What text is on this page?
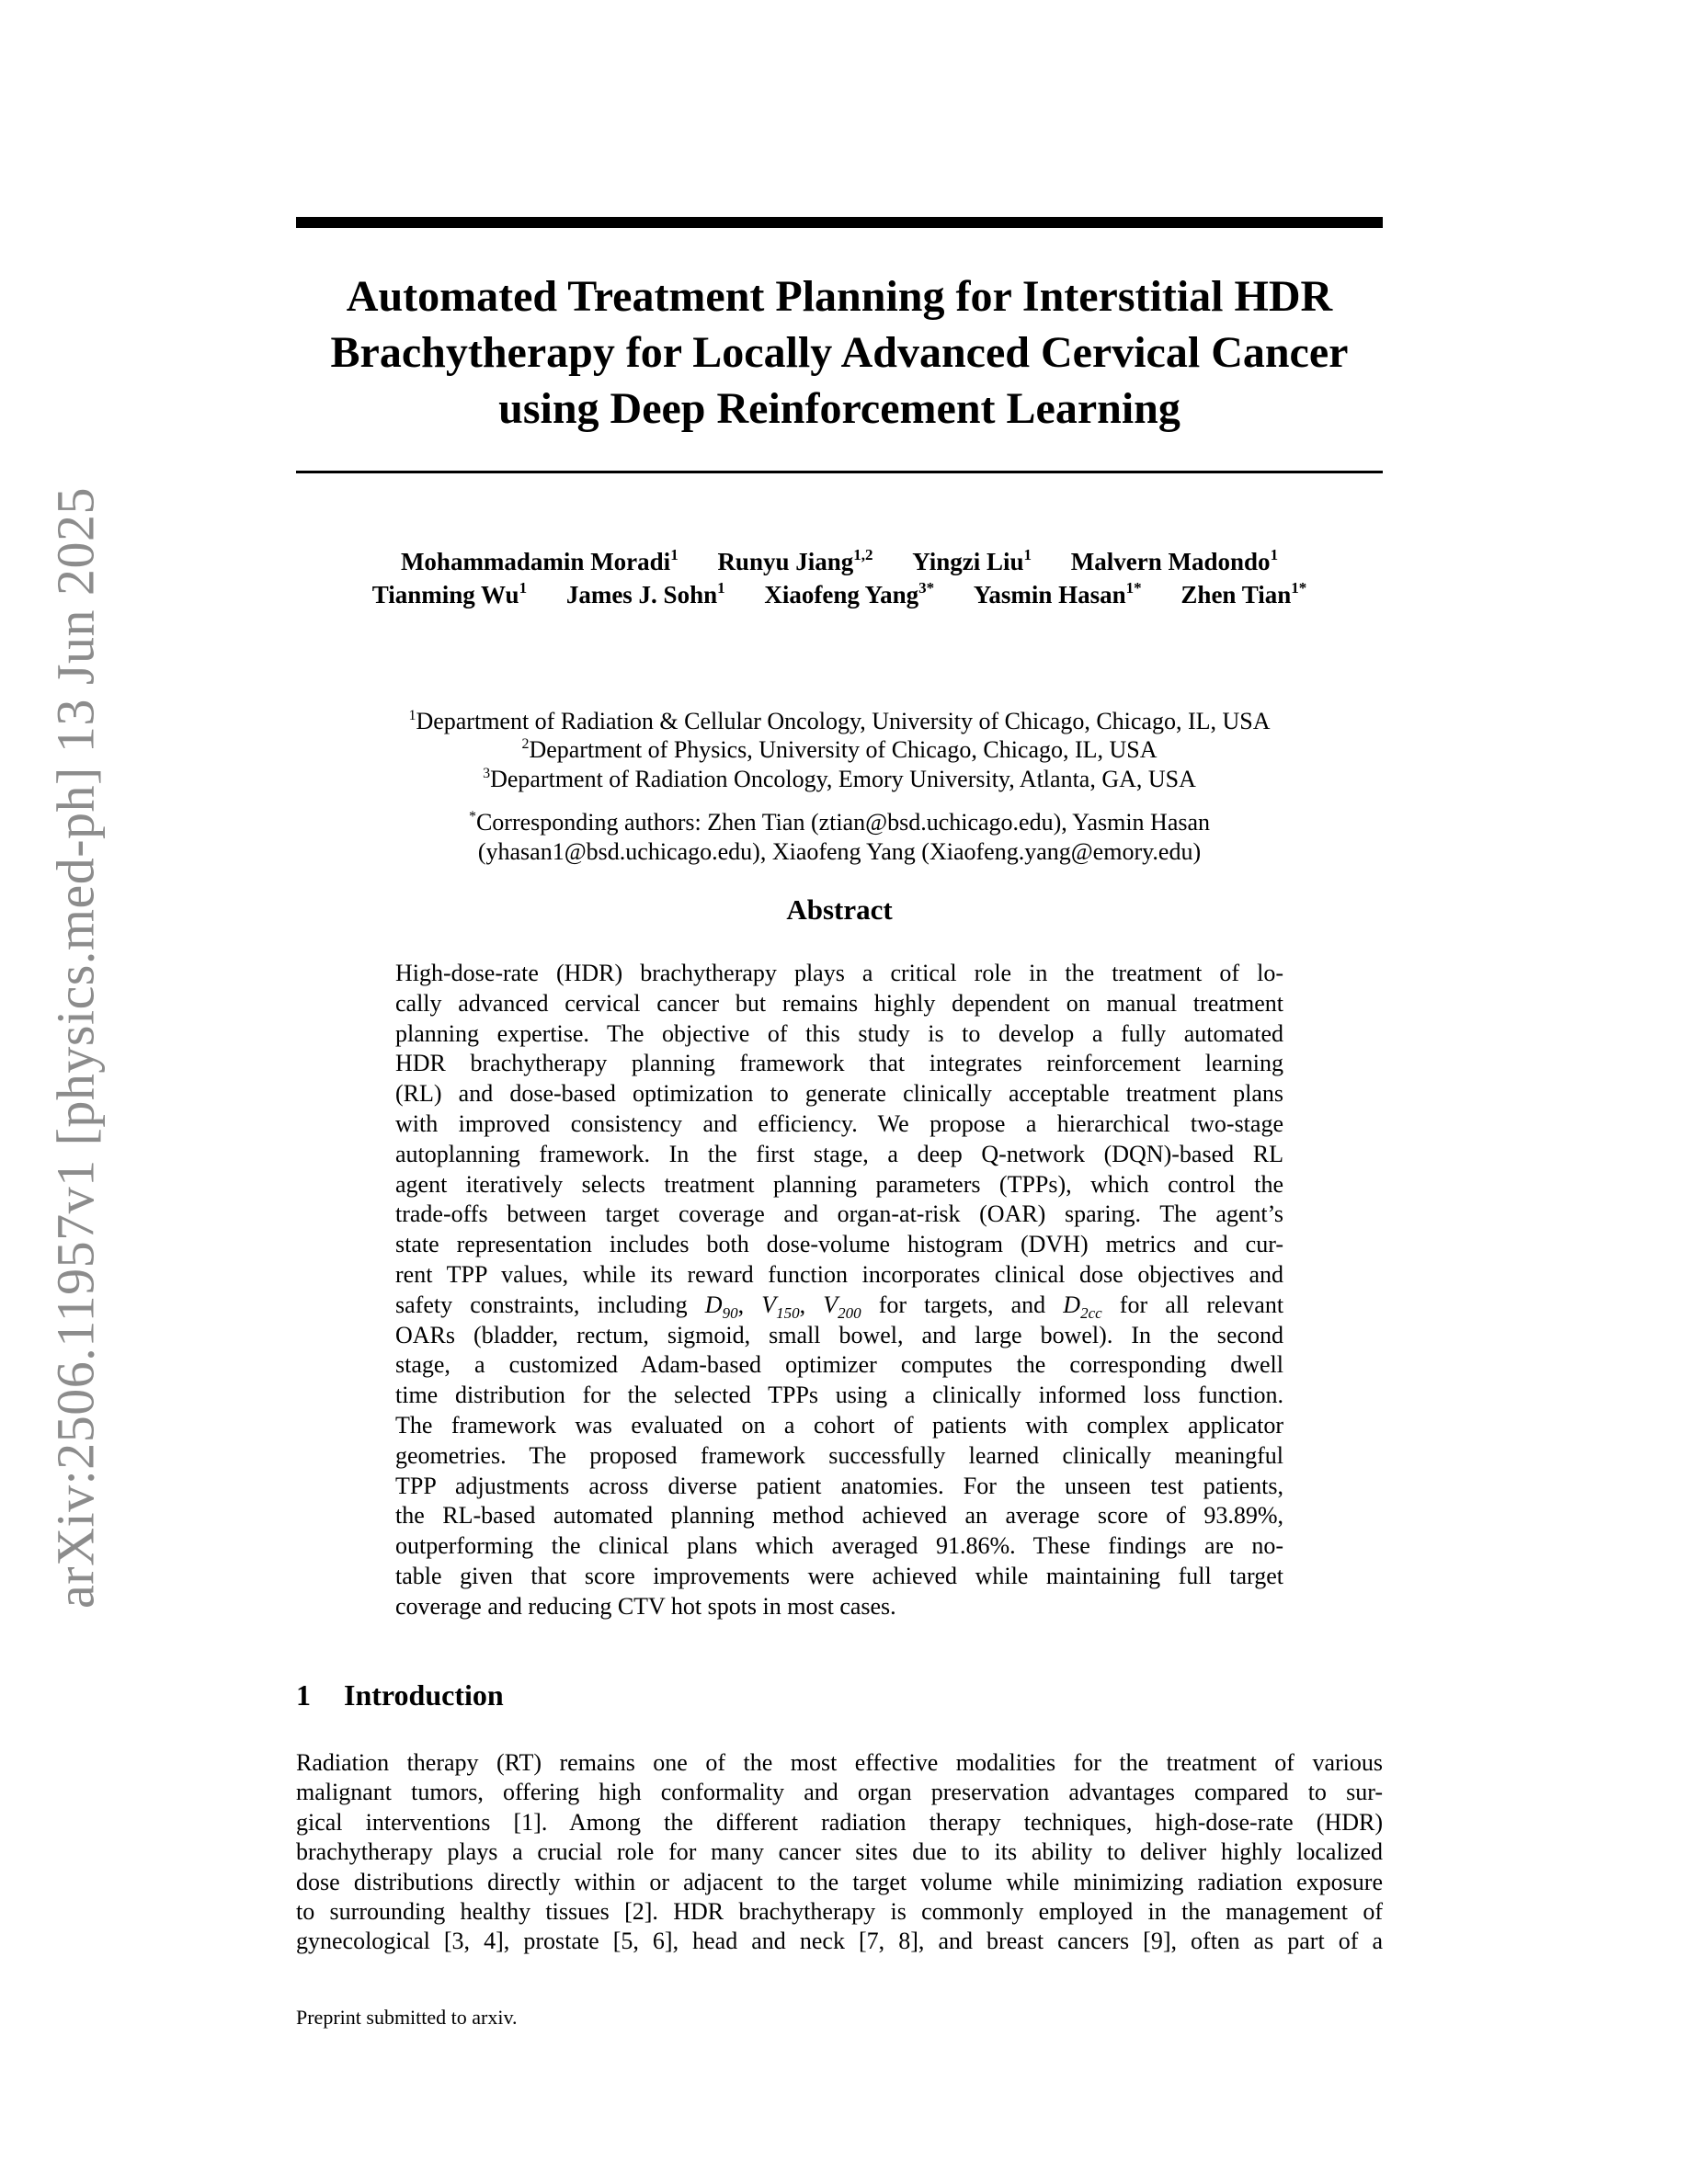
arXiv:2506.11957v1 [physics.med-ph] 13 Jun 2025
Automated Treatment Planning for Interstitial HDR
Brachytherapy for Locally Advanced Cervical Cancer
using Deep Reinforcement Learning
Mohammadamin Moradi$^1$ Runyu Jiang$^{1,2}$ Yingzi Liu$^1$ Malvern Madondo$^1$
Tianming Wu$^1$ James J. Sohn$^1$ Xiaofeng Yang$^{3*}$ Yasmin Hasan$^{1*}$ Zhen Tian$^{1*}$
$^1$Department of Radiation & Cellular Oncology, University of Chicago, Chicago, IL, USA
$^2$Department of Physics, University of Chicago, Chicago, IL, USA
$^3$Department of Radiation Oncology, Emory University, Atlanta, GA, USA
*Corresponding authors: Zhen Tian (ztian@bsd.uchicago.edu), Yasmin Hasan
(yhasan1@bsd.uchicago.edu), Xiaofeng Yang (Xiaofeng.yang@emory.edu)
Abstract
High-dose-rate (HDR) brachytherapy plays a critical role in the treatment of lo-
cally advanced cervical cancer but remains highly dependent on manual treatment
planning expertise. The objective of this study is to develop a fully automated
HDR brachytherapy planning framework that integrates reinforcement learning
(RL) and dose-based optimization to generate clinically acceptable treatment plans
with improved consistency and efficiency. We propose a hierarchical two-stage
autoplanning framework. In the first stage, a deep Q-network (DQN)-based RL
agent iteratively selects treatment planning parameters (TPPs), which control the
trade-offs between target coverage and organ-at-risk (OAR) sparing. The agent’s
state representation includes both dose-volume histogram (DVH) metrics and cur-
rent TPP values, while its reward function incorporates clinical dose objectives and
safety constraints, including $D_{90}$, $V_{150}$, $V_{200}$ for targets, and $D_{2cc}$ for all relevant
OARs (bladder, rectum, sigmoid, small bowel, and large bowel). In the second
stage, a customized Adam-based optimizer computes the corresponding dwell
time distribution for the selected TPPs using a clinically informed loss function.
The framework was evaluated on a cohort of patients with complex applicator
geometries. The proposed framework successfully learned clinically meaningful
TPP adjustments across diverse patient anatomies. For the unseen test patients,
the RL-based automated planning method achieved an average score of 93.89%,
outperforming the clinical plans which averaged 91.86%. These findings are no-
table given that score improvements were achieved while maintaining full target
coverage and reducing CTV hot spots in most cases.
1 Introduction
Radiation therapy (RT) remains one of the most effective modalities for the treatment of various
malignant tumors, offering high conformality and organ preservation advantages compared to sur-
gical interventions [1]. Among the different radiation therapy techniques, high-dose-rate (HDR)
brachytherapy plays a crucial role for many cancer sites due to its ability to deliver highly localized
dose distributions directly within or adjacent to the target volume while minimizing radiation exposure
to surrounding healthy tissues [2]. HDR brachytherapy is commonly employed in the management of
gynecological [3, 4], prostate [5, 6], head and neck [7, 8], and breast cancers [9], often as part of a
Preprint submitted to arxiv.
